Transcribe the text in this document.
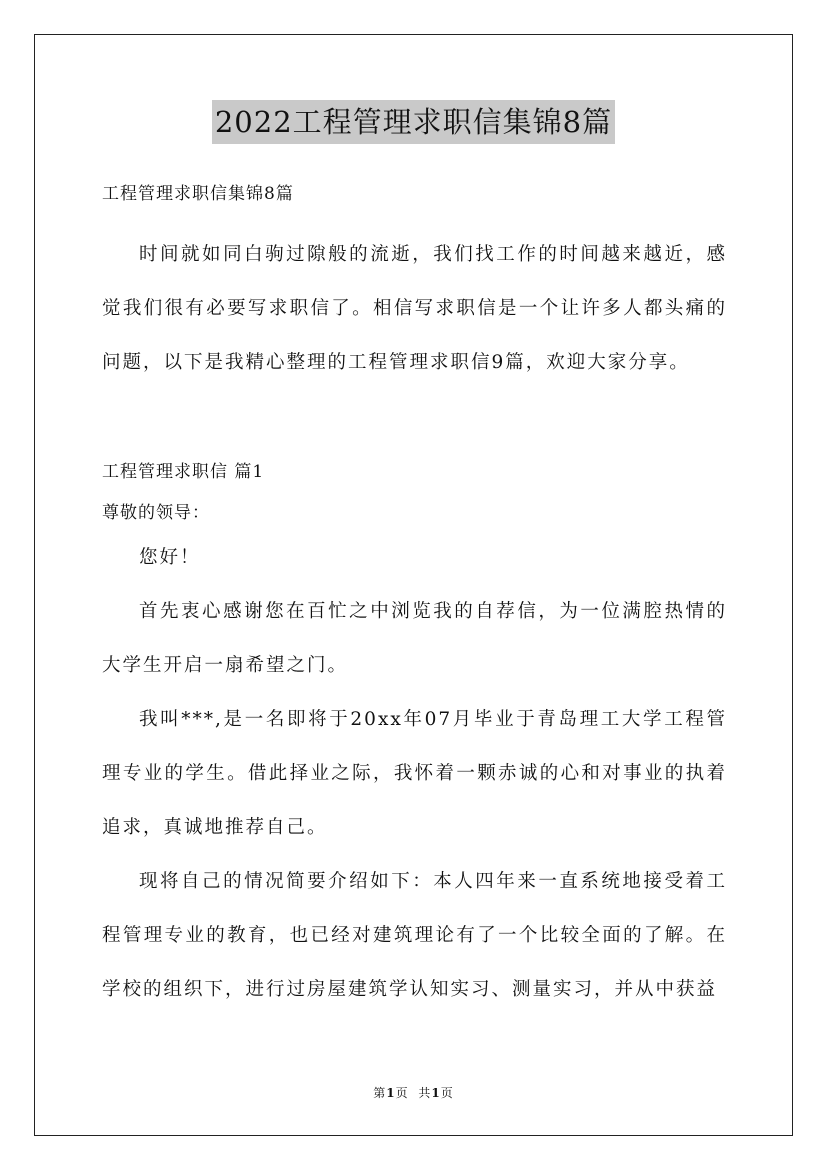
2022工程管理求职信集锦8篇

工程管理求职信集锦8篇

时间就如同白驹过隙般的流逝，我们找工作的时间越来越近，感觉我们很有必要写求职信了。相信写求职信是一个让许多人都头痛的问题，以下是我精心整理的工程管理求职信9篇，欢迎大家分享。

工程管理求职信 篇1

尊敬的领导：

您好！

首先衷心感谢您在百忙之中浏览我的自荐信，为一位满腔热情的大学生开启一扇希望之门。

我叫***,是一名即将于20xx年07月毕业于青岛理工大学工程管理专业的学生。借此择业之际，我怀着一颗赤诚的心和对事业的执着追求，真诚地推荐自己。

现将自己的情况简要介绍如下：本人四年来一直系统地接受着工程管理专业的教育，也已经对建筑理论有了一个比较全面的了解。在学校的组织下，进行过房屋建筑学认知实习、测量实习，并从中获益

第1页 共1页
